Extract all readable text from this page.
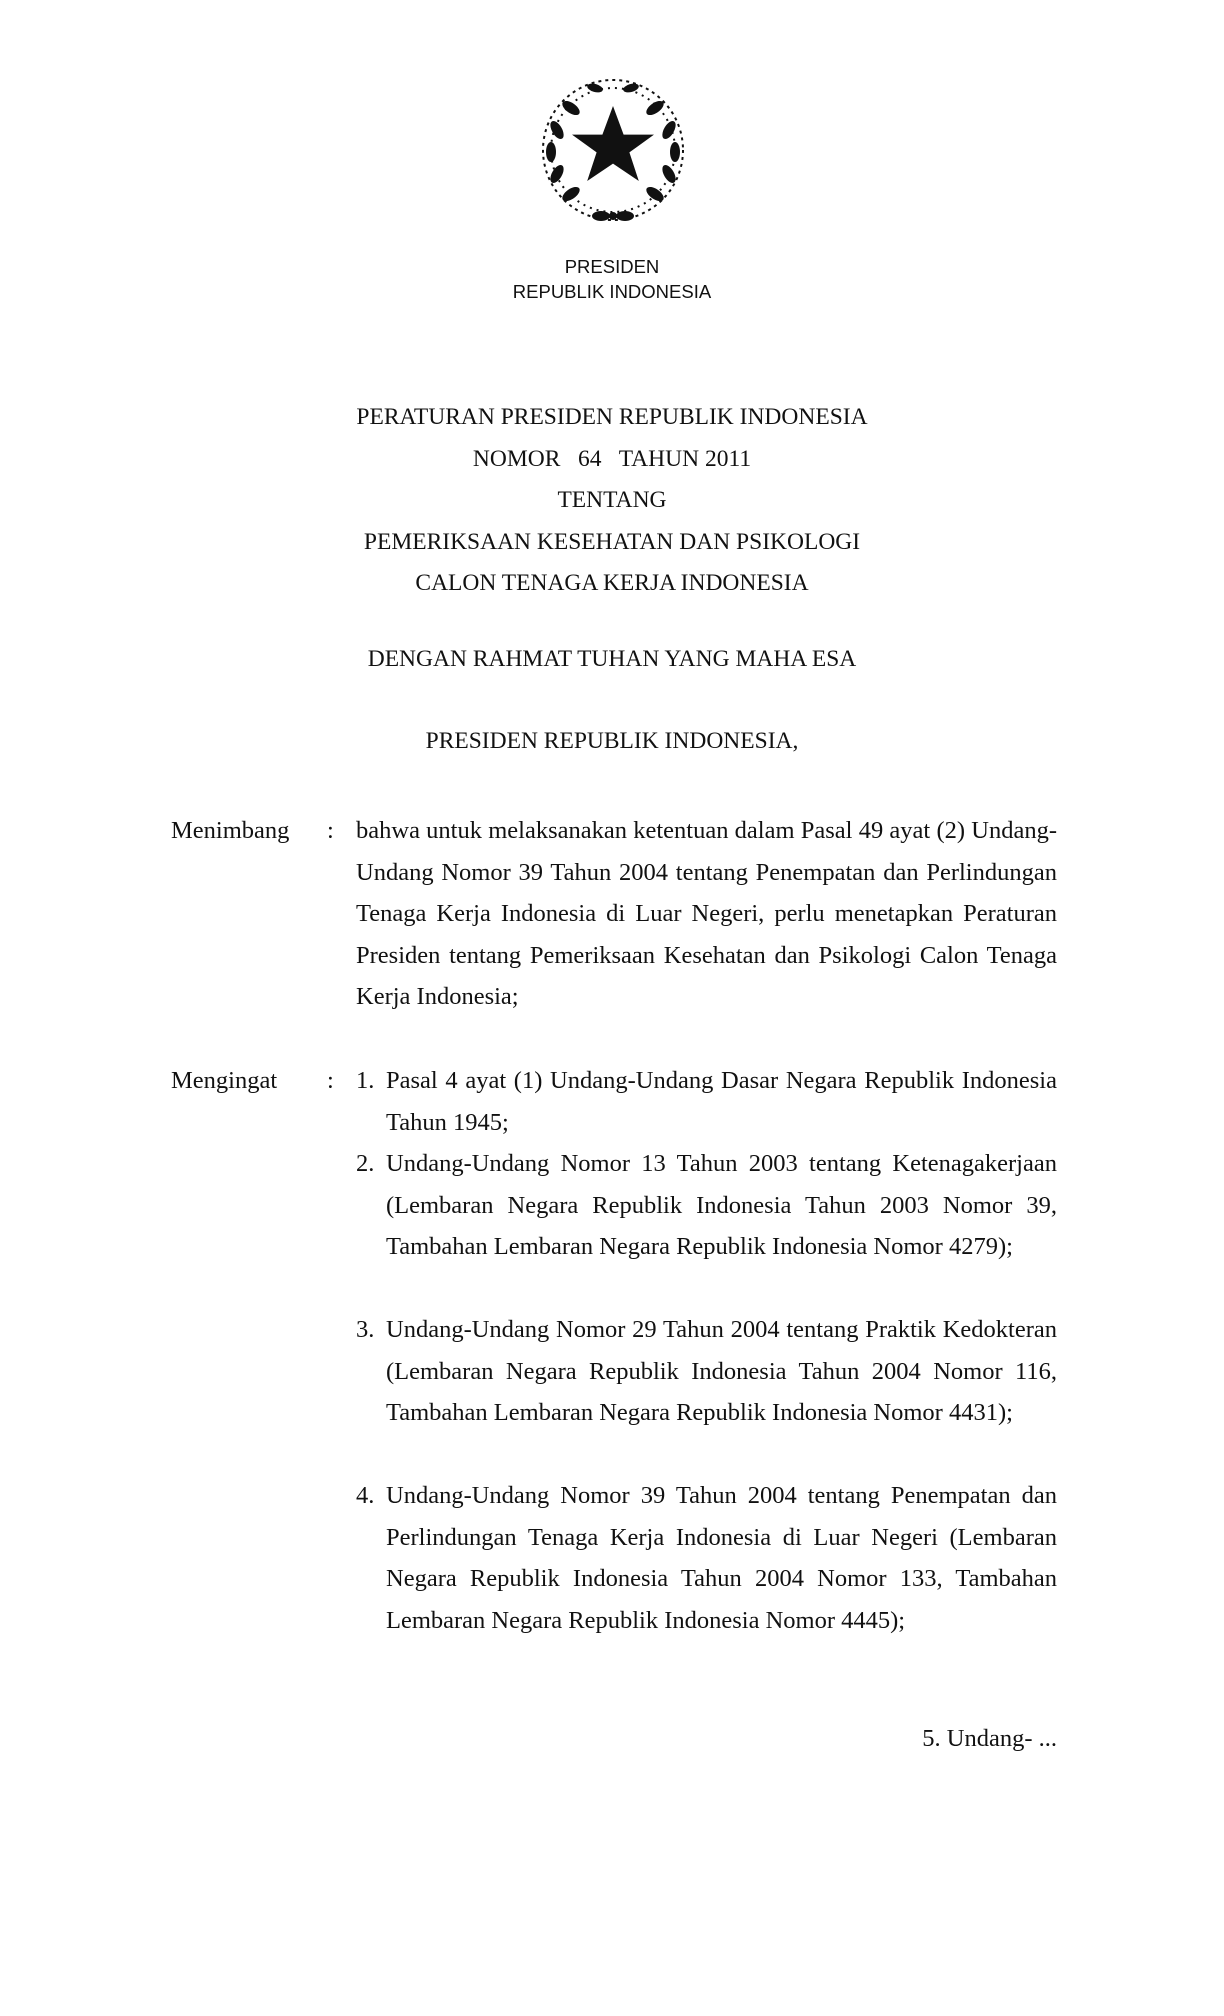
PRESIDEN
REPUBLIK INDONESIA
PERATURAN PRESIDEN REPUBLIK INDONESIA
NOMOR   64   TAHUN 2011
TENTANG
PEMERIKSAAN KESEHATAN DAN PSIKOLOGI
CALON TENAGA KERJA INDONESIA
DENGAN RAHMAT TUHAN YANG MAHA ESA
PRESIDEN REPUBLIK INDONESIA,
Menimbang : bahwa untuk melaksanakan ketentuan dalam Pasal 49 ayat (2) Undang-Undang Nomor 39 Tahun 2004 tentang Penempatan dan Perlindungan Tenaga Kerja Indonesia di Luar Negeri, perlu menetapkan Peraturan Presiden tentang Pemeriksaan Kesehatan dan Psikologi Calon Tenaga Kerja Indonesia;
Mengingat : 1. Pasal 4 ayat (1) Undang-Undang Dasar Negara Republik Indonesia Tahun 1945;
2. Undang-Undang Nomor 13 Tahun 2003 tentang Ketenagakerjaan (Lembaran Negara Republik Indonesia Tahun 2003 Nomor 39, Tambahan Lembaran Negara Republik Indonesia Nomor 4279);
3. Undang-Undang Nomor 29 Tahun 2004 tentang Praktik Kedokteran (Lembaran Negara Republik Indonesia Tahun 2004 Nomor 116, Tambahan Lembaran Negara Republik Indonesia Nomor 4431);
4. Undang-Undang Nomor 39 Tahun 2004 tentang Penempatan dan Perlindungan Tenaga Kerja Indonesia di Luar Negeri (Lembaran Negara Republik Indonesia Tahun 2004 Nomor 133, Tambahan Lembaran Negara Republik Indonesia Nomor 4445);
5. Undang- ...
